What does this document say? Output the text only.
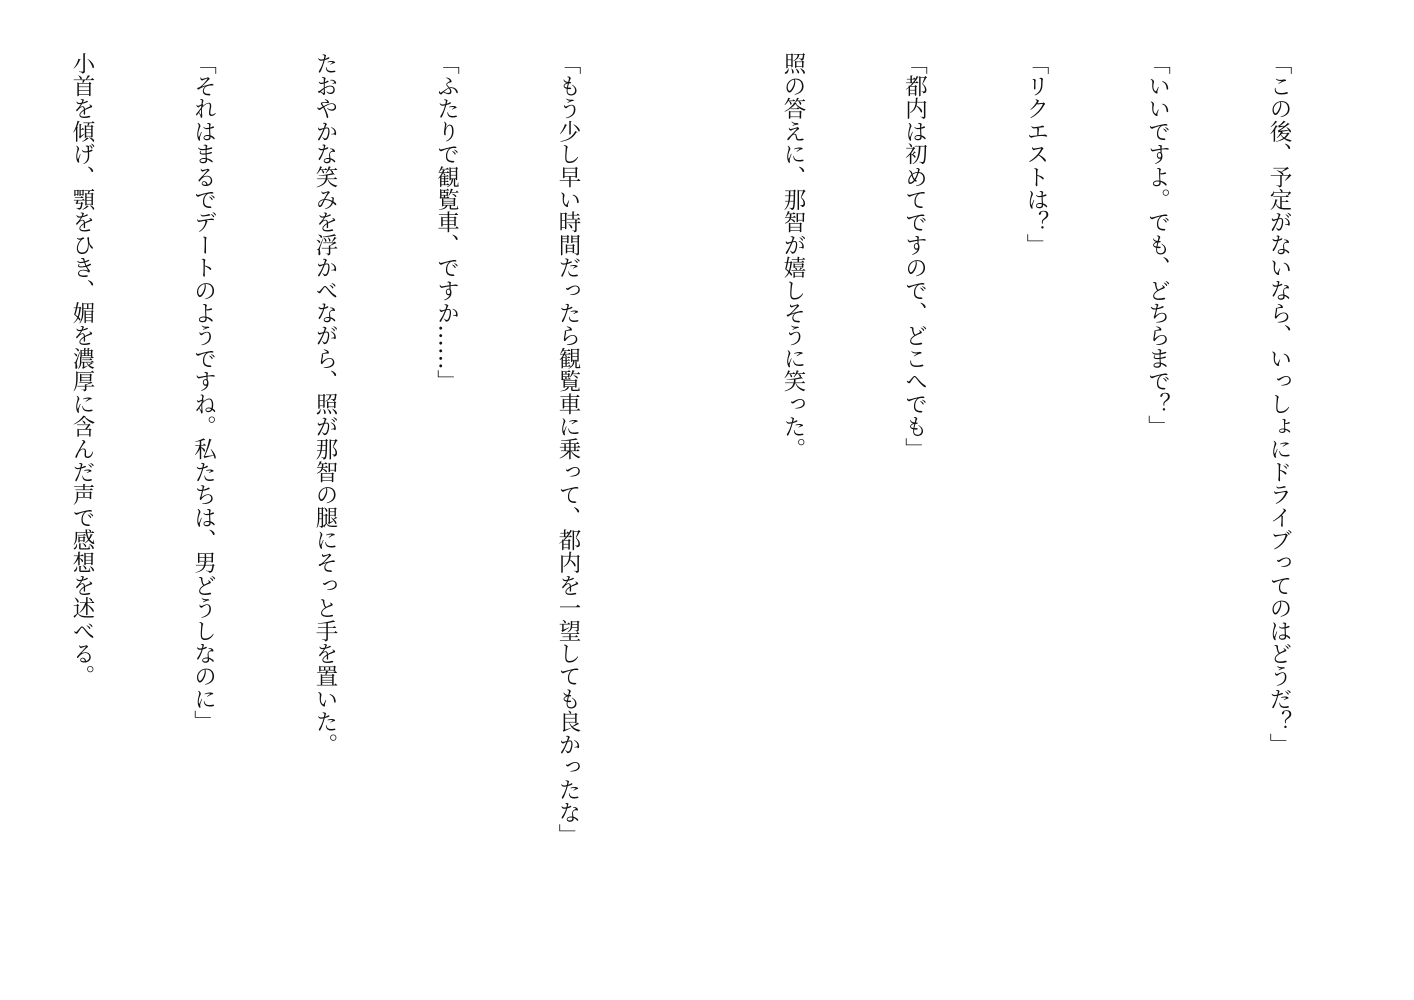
「この後、予定がないなら、いっしょにドライブってのはどうだ？」

「いいですよ。でも、どちらまで？」

「リクエストは？」

「都内は初めてですので、どこへでも」

照の答えに、那智が嬉しそうに笑った。

「もう少し早い時間だったら観覧車に乗って、都内を一望しても良かったな」

「ふたりで観覧車、ですか……」

たおやかな笑みを浮かべながら、照が那智の腿にそっと手を置いた。

「それはまるでデートのようですね。私たちは、男どうしなのに」

小首を傾げ、顎をひき、媚を濃厚に含んだ声で感想を述べる。
